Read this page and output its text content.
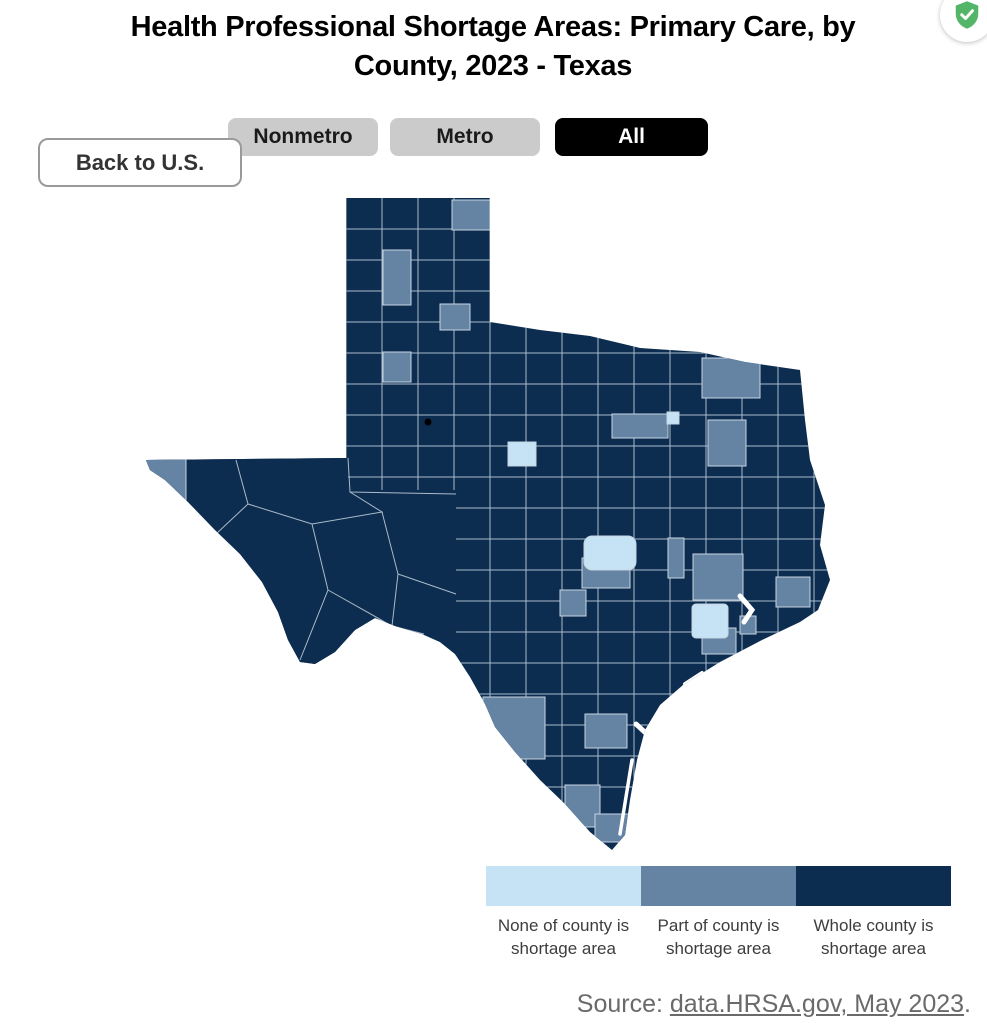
Health Professional Shortage Areas: Primary Care, by
County, 2023 - Texas
Nonmetro	Metro	All
Back to U.S.
None of county is
shortage area
Part of county is
shortage area
Whole county is
shortage area
Source: data.HRSA.gov, May 2023.
